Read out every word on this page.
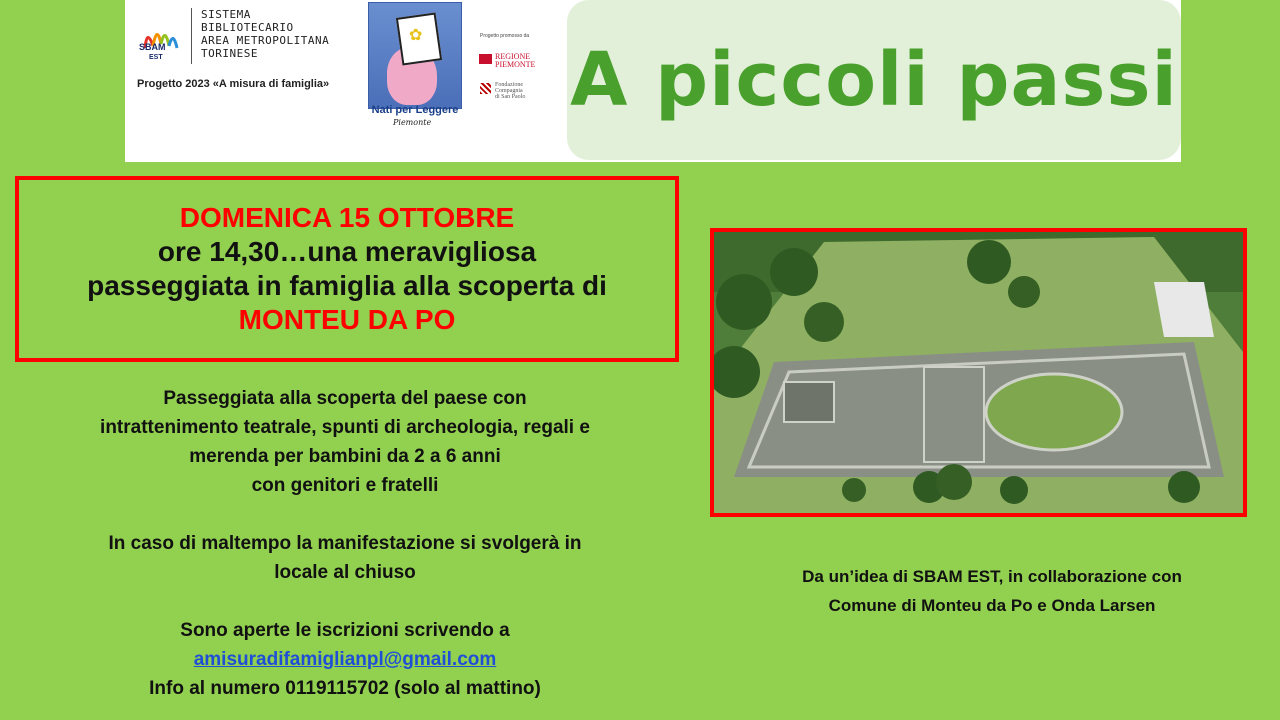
SBAM
EST
SISTEMA
BIBLIOTECARIO
AREA METROPOLITANA
TORINESE
Progetto 2023 «A misura di famiglia»
✿
Nati per Leggere
Piemonte
Progetto promosso da
REGIONE
PIEMONTE
Fondazione
Compagnia
di San Paolo A piccoli passi
DOMENICA 15 OTTOBRE
ore 14,30…una meravigliosa
passeggiata in famiglia alla scoperta di
MONTEU DA PO

Passeggiata alla scoperta del paese con

intrattenimento teatrale, spunti di archeologia, regali e

merenda per bambini da 2 a 6 anni

con genitori e fratelli

In caso di maltempo la manifestazione si svolgerà in

locale al chiuso

Sono aperte le iscrizioni scrivendo a

amisuradifamiglianpl@gmail.com

Info al numero 0119115702 (solo al mattino)

Da un’idea di SBAM EST, in collaborazione con

Comune di Monteu da Po e Onda Larsen
